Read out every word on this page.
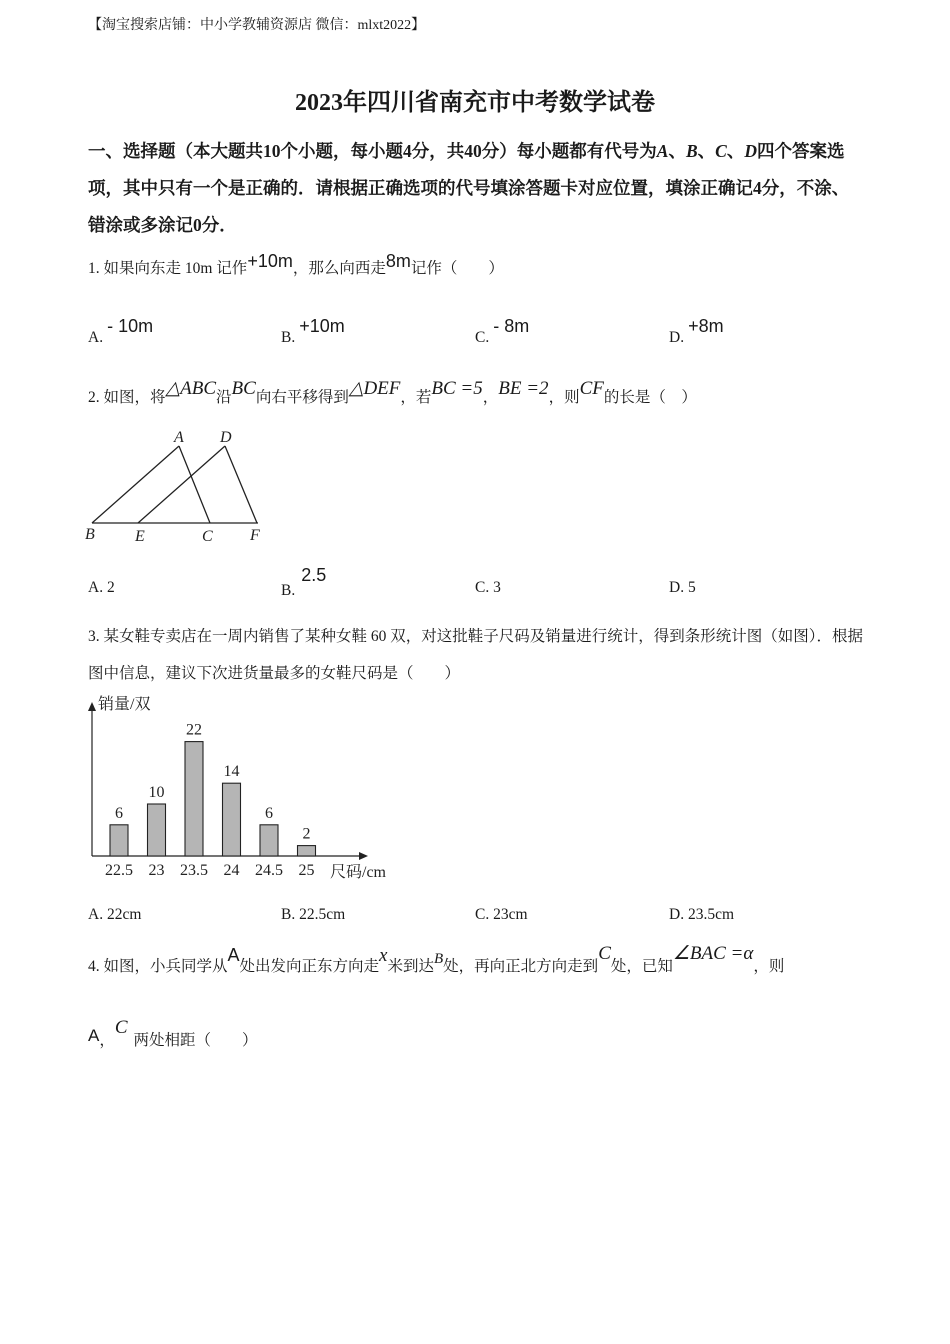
【淘宝搜索店铺：中小学教辅资源店 微信：mlxt2022】
2023年四川省南充市中考数学试卷
一、选择题（本大题共10个小题，每小题4分，共40分）每小题都有代号为A、B、C、D四个答案选项，其中只有一个是正确的．请根据正确选项的代号填涂答题卡对应位置，填涂正确记4分，不涂、错涂或多涂记0分．
1. 如果向东走 10m 记作+10m，那么向西走8m记作（　　）
A.- 10m
B.+10m
C.- 8m
D.+8m
2. 如图，将△ABC沿BC向右平移得到△DEF，若BC =5，BE =2，则CF的长是（　）
A D
B	E	C F
A. 2	B.2.5
C. 3	D. 5
3. 某女鞋专卖店在一周内销售了某种女鞋 60 双，对这批鞋子尺码及销量进行统计，得到条形统计图（如图）．根据图中信息，建议下次进货量最多的女鞋尺码是（　　）
销量/双
尺码/cm
6
22.5
10
23
22
23.5
14
24
6
24.5
2
25
A. 22cm	B. 22.5cm	C. 23cm	D. 23.5cm
4. 如图，小兵同学从A处出发向正东方向走x米到达B处，再向正北方向走到C处，已知∠BAC =α，则
A，C两处相距（　　）
